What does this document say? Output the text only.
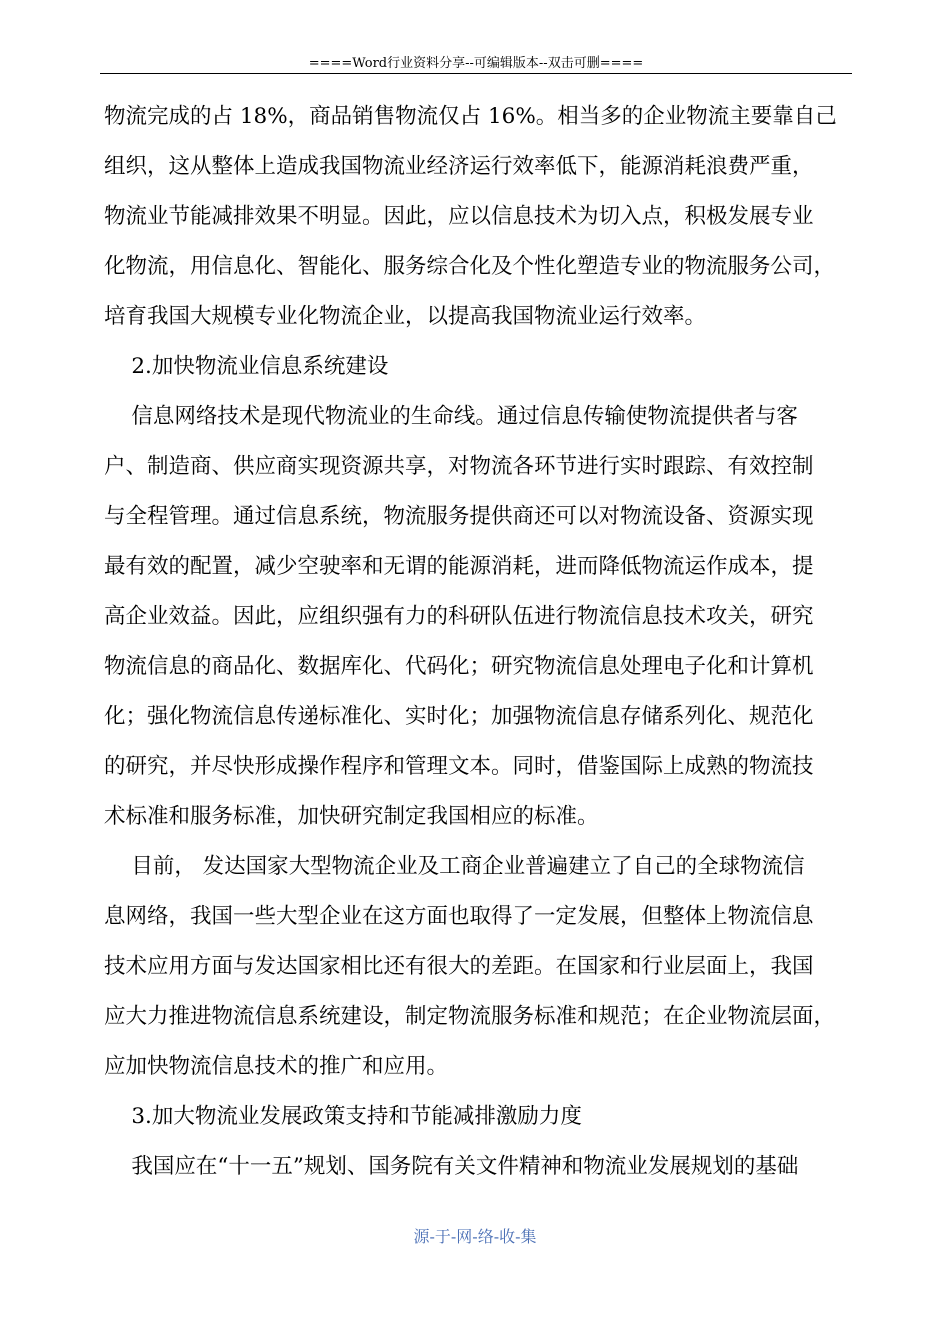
====Word行业资料分享--可编辑版本--双击可删====
物流完成的占 18%，商品销售物流仅占 16%。相当多的企业物流主要靠自己
组织，这从整体上造成我国物流业经济运行效率低下，能源消耗浪费严重，
物流业节能减排效果不明显。因此，应以信息技术为切入点，积极发展专业
化物流，用信息化、智能化、服务综合化及个性化塑造专业的物流服务公司，
培育我国大规模专业化物流企业，以提高我国物流业运行效率。
2.加快物流业信息系统建设
信息网络技术是现代物流业的生命线。通过信息传输使物流提供者与客
户、制造商、供应商实现资源共享，对物流各环节进行实时跟踪、有效控制
与全程管理。通过信息系统，物流服务提供商还可以对物流设备、资源实现
最有效的配置，减少空驶率和无谓的能源消耗，进而降低物流运作成本，提
高企业效益。因此，应组织强有力的科研队伍进行物流信息技术攻关，研究
物流信息的商品化、数据库化、代码化；研究物流信息处理电子化和计算机
化；强化物流信息传递标准化、实时化；加强物流信息存储系列化、规范化
的研究，并尽快形成操作程序和管理文本。同时，借鉴国际上成熟的物流技
术标准和服务标准，加快研究制定我国相应的标准。
目前， 发达国家大型物流企业及工商企业普遍建立了自己的全球物流信
息网络，我国一些大型企业在这方面也取得了一定发展，但整体上物流信息
技术应用方面与发达国家相比还有很大的差距。在国家和行业层面上，我国
应大力推进物流信息系统建设，制定物流服务标准和规范；在企业物流层面，
应加快物流信息技术的推广和应用。
3.加大物流业发展政策支持和节能减排激励力度
我国应在“十一五”规划、国务院有关文件精神和物流业发展规划的基础
源-于-网-络-收-集
